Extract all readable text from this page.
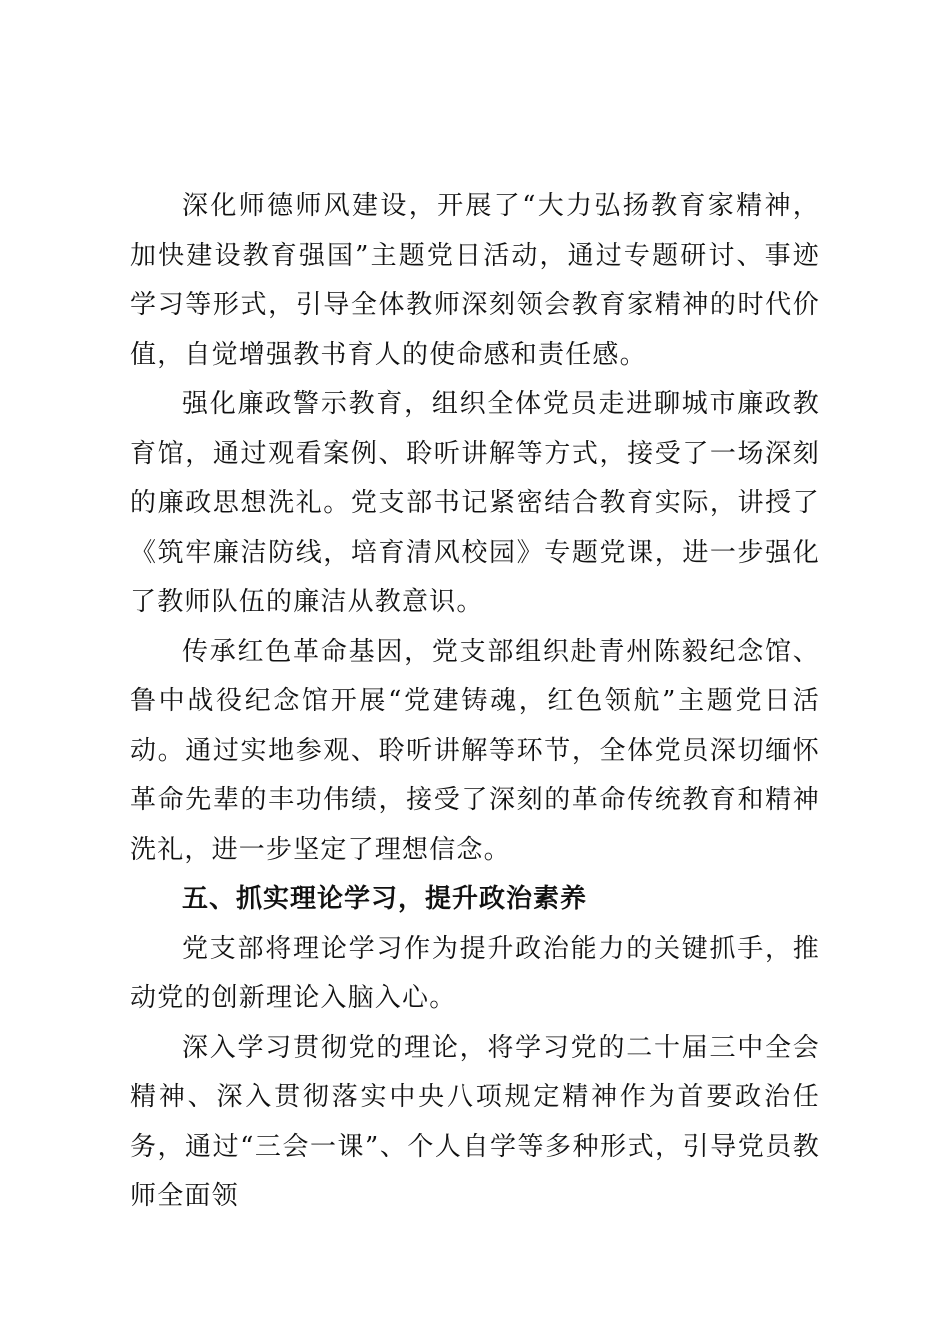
深化师德师风建设，开展了“大力弘扬教育家精神，加快建设教育强国”主题党日活动，通过专题研讨、事迹学习等形式，引导全体教师深刻领会教育家精神的时代价值，自觉增强教书育人的使命感和责任感。

强化廉政警示教育，组织全体党员走进聊城市廉政教育馆，通过观看案例、聆听讲解等方式，接受了一场深刻的廉政思想洗礼。党支部书记紧密结合教育实际，讲授了《筑牢廉洁防线，培育清风校园》专题党课，进一步强化了教师队伍的廉洁从教意识。

传承红色革命基因，党支部组织赴青州陈毅纪念馆、鲁中战役纪念馆开展“党建铸魂，红色领航”主题党日活动。通过实地参观、聆听讲解等环节，全体党员深切缅怀革命先辈的丰功伟绩，接受了深刻的革命传统教育和精神洗礼，进一步坚定了理想信念。

五、抓实理论学习，提升政治素养

党支部将理论学习作为提升政治能力的关键抓手，推动党的创新理论入脑入心。

深入学习贯彻党的理论，将学习党的二十届三中全会精神、深入贯彻落实中央八项规定精神作为首要政治任务，通过“三会一课”、个人自学等多种形式，引导党员教师全面领
